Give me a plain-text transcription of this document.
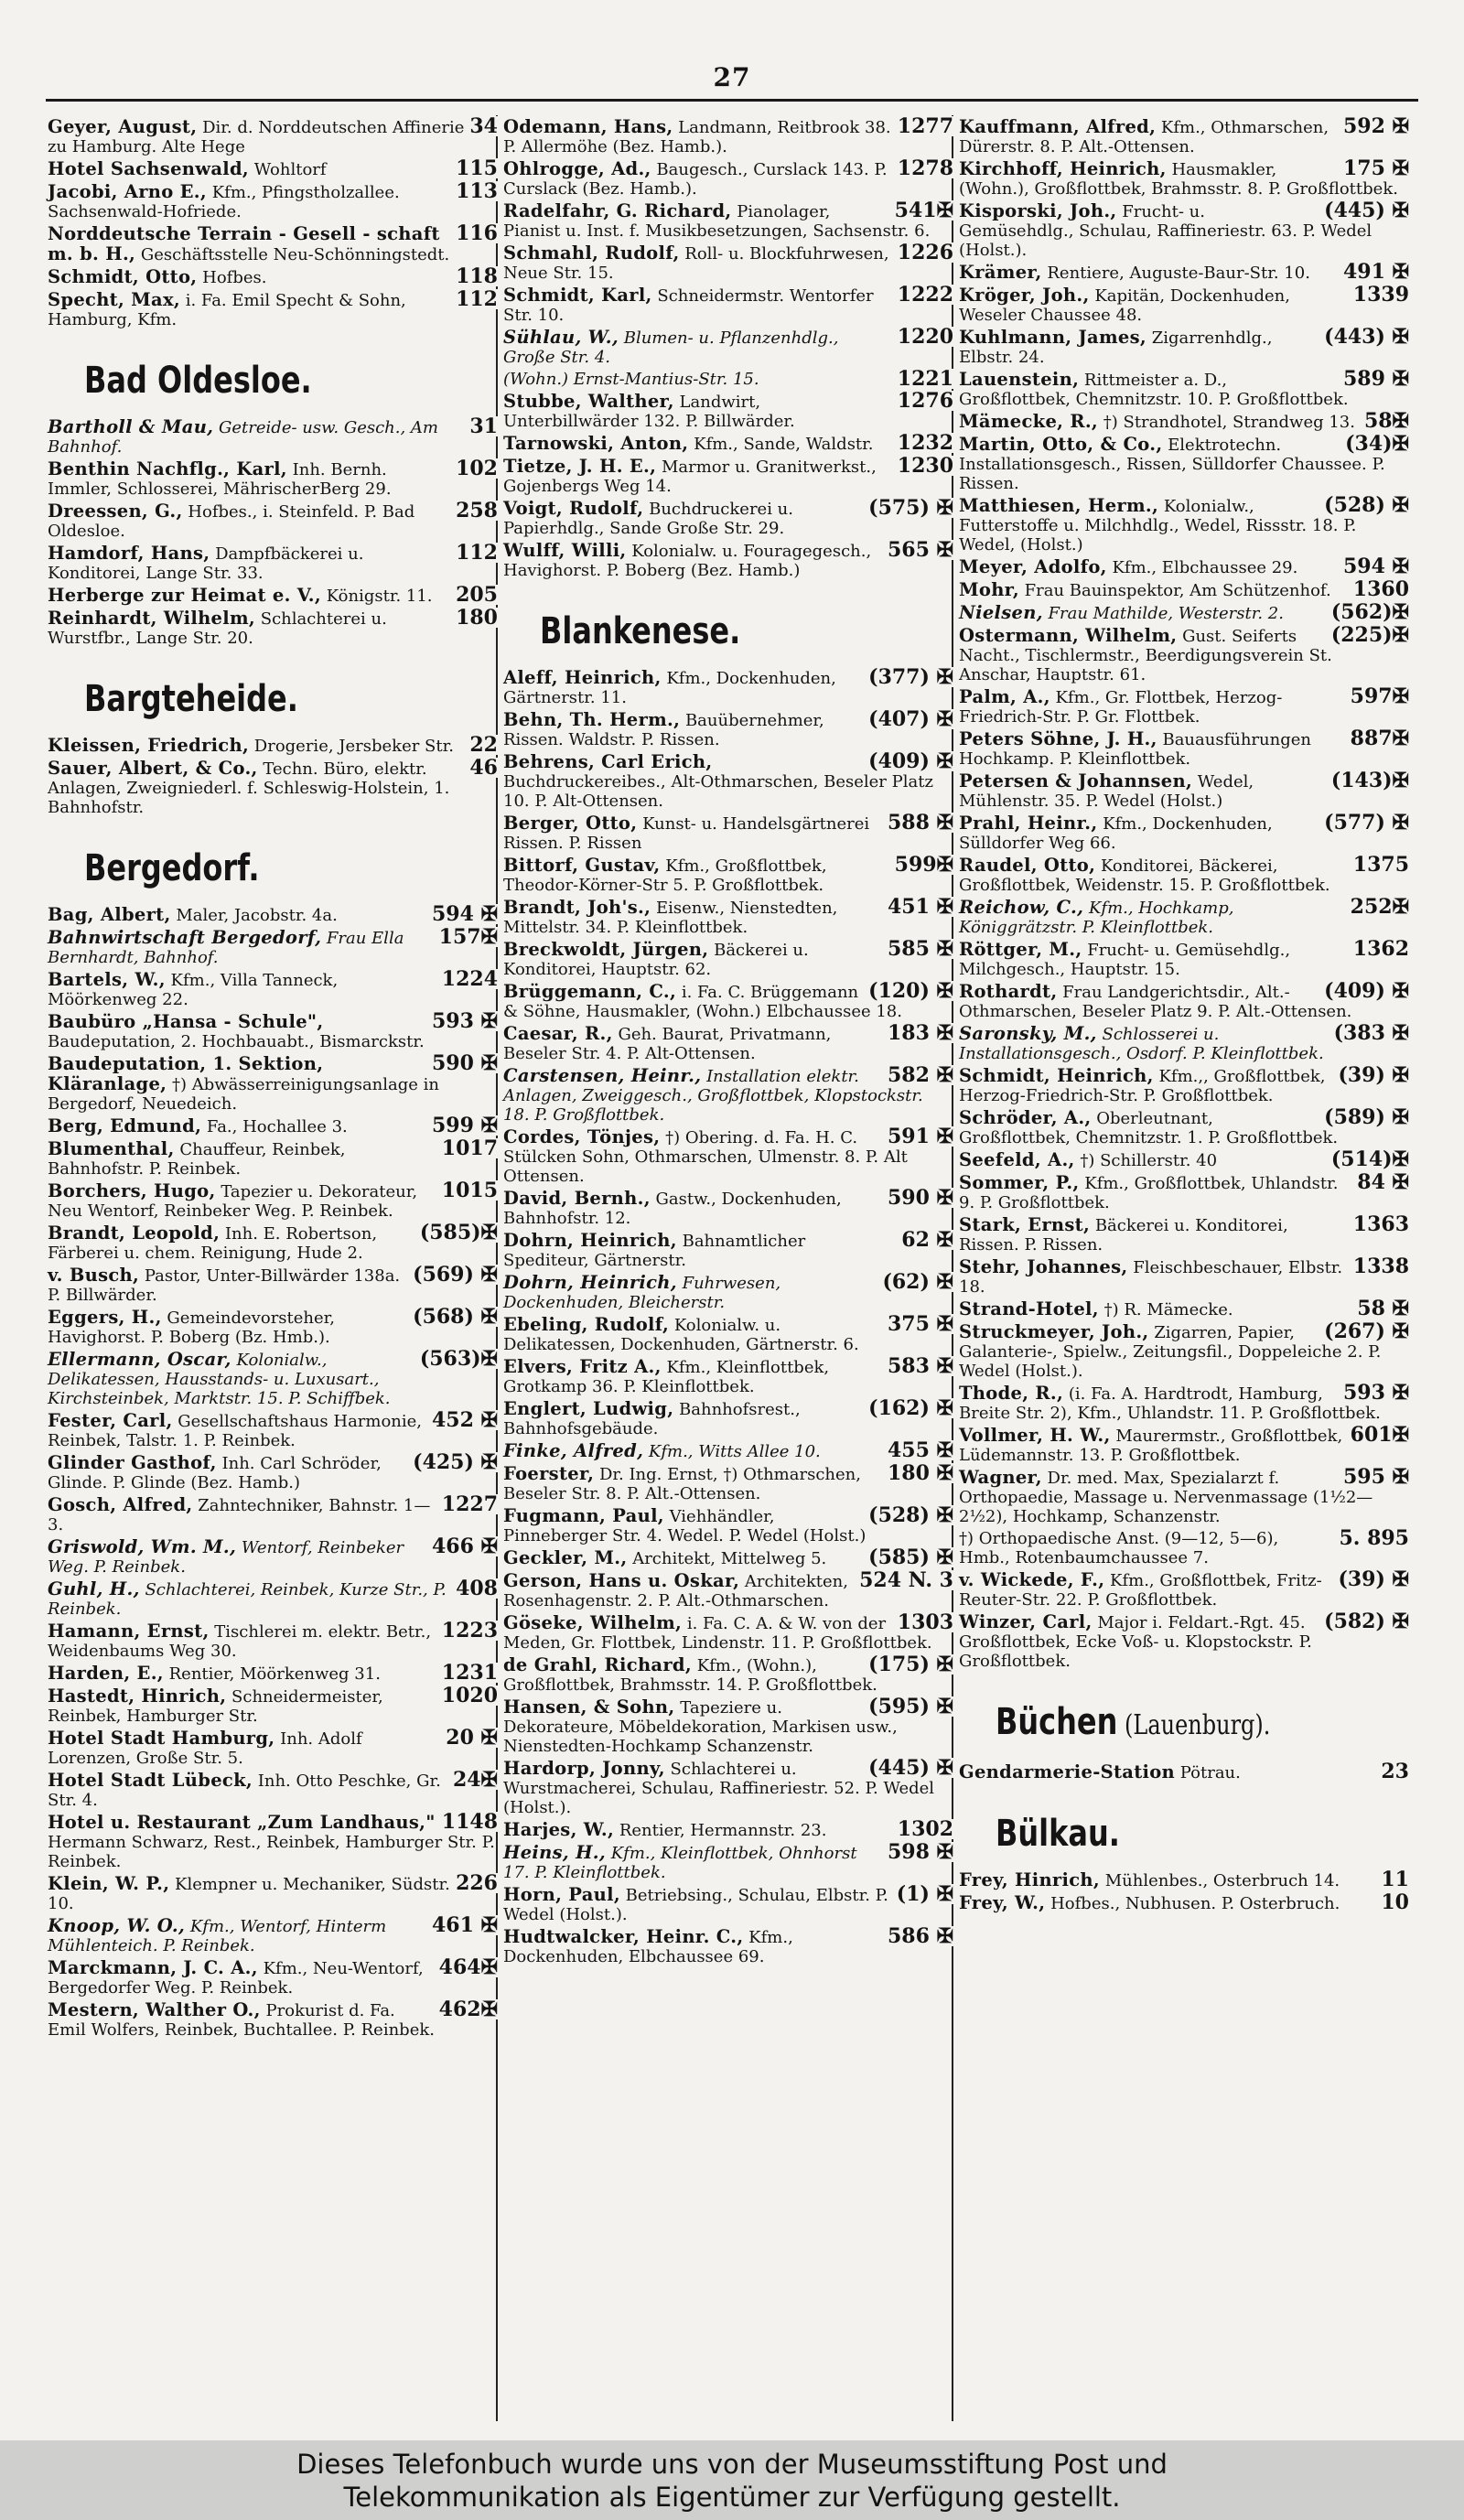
27
34
Geyer, August, Dir. d. Norddeutschen Affinerie zu Hamburg. Alte Hege
115
Hotel Sachsenwald, Wohltorf
113
Jacobi, Arno E., Kfm., Pfingstholzallee. Sachsenwald-Hofriede.
116
Norddeutsche Terrain - Gesell - schaft m. b. H., Geschäftsstelle Neu-Schönningstedt.
118
Schmidt, Otto, Hofbes.
112
Specht, Max, i. Fa. Emil Specht & Sohn, Hamburg, Kfm.
Bad Oldesloe.
31
Bartholl & Mau, Getreide- usw. Gesch., Am Bahnhof.
102
Benthin Nachflg., Karl, Inh. Bernh. Immler, Schlosserei, MährischerBerg 29.
258
Dreessen, G., Hofbes., i. Steinfeld. P. Bad Oldesloe.
112
Hamdorf, Hans, Dampfbäckerei u. Konditorei, Lange Str. 33.
205
Herberge zur Heimat e. V., Königstr. 11.
180
Reinhardt, Wilhelm, Schlachterei u. Wurstfbr., Lange Str. 20.
Bargteheide.
22
Kleissen, Friedrich, Drogerie, Jersbeker Str.
46
Sauer, Albert, & Co., Techn. Büro, elektr. Anlagen, Zweigniederl. f. Schleswig-Holstein, 1. Bahnhofstr.
Bergedorf.
594 ✠
Bag, Albert, Maler, Jacobstr. 4a.
157✠
Bahnwirtschaft Bergedorf, Frau Ella Bernhardt, Bahnhof.
1224
Bartels, W., Kfm., Villa Tanneck, Möörkenweg 22.
593 ✠
Baubüro „Hansa - Schule", Baudeputation, 2. Hochbauabt., Bismarckstr.
590 ✠
Baudeputation, 1. Sektion, Kläranlage, †) Abwässerreinigungsanlage in Bergedorf, Neuedeich.
599 ✠
Berg, Edmund, Fa., Hochallee 3.
1017
Blumenthal, Chauffeur, Reinbek, Bahnhofstr. P. Reinbek.
1015
Borchers, Hugo, Tapezier u. Dekorateur, Neu Wentorf, Reinbeker Weg. P. Reinbek.
(585)✠
Brandt, Leopold, Inh. E. Robertson, Färberei u. chem. Reinigung, Hude 2.
(569) ✠
v. Busch, Pastor, Unter-Billwärder 138a. P. Billwärder.
(568) ✠
Eggers, H., Gemeindevorsteher, Havighorst. P. Boberg (Bz. Hmb.).
(563)✠
Ellermann, Oscar, Kolonialw., Delikatessen, Hausstands- u. Luxusart., Kirchsteinbek, Marktstr. 15. P. Schiffbek.
452 ✠
Fester, Carl, Gesellschaftshaus Harmonie, Reinbek, Talstr. 1. P. Reinbek.
(425) ✠
Glinder Gasthof, Inh. Carl Schröder, Glinde. P. Glinde (Bez. Hamb.)
1227
Gosch, Alfred, Zahntechniker, Bahnstr. 1—3.
466 ✠
Griswold, Wm. M., Wentorf, Reinbeker Weg. P. Reinbek.
408
Guhl, H., Schlachterei, Reinbek, Kurze Str., P. Reinbek.
1223
Hamann, Ernst, Tischlerei m. elektr. Betr., Weidenbaums Weg 30.
1231
Harden, E., Rentier, Möörkenweg 31.
1020
Hastedt, Hinrich, Schneidermeister, Reinbek, Hamburger Str.
20 ✠
Hotel Stadt Hamburg, Inh. Adolf Lorenzen, Große Str. 5.
24✠
Hotel Stadt Lübeck, Inh. Otto Peschke, Gr. Str. 4.
1148
Hotel u. Restaurant „Zum Landhaus," Hermann Schwarz, Rest., Reinbek, Hamburger Str. P. Reinbek.
226
Klein, W. P., Klempner u. Mechaniker, Südstr. 10.
461 ✠
Knoop, W. O., Kfm., Wentorf, Hinterm Mühlenteich. P. Reinbek.
464✠
Marckmann, J. C. A., Kfm., Neu-Wentorf, Bergedorfer Weg. P. Reinbek.
462✠
Mestern, Walther O., Prokurist d. Fa. Emil Wolfers, Reinbek, Buchtallee. P. Reinbek.
1277
Odemann, Hans, Landmann, Reitbrook 38. P. Allermöhe (Bez. Hamb.).
1278
Ohlrogge, Ad., Baugesch., Curslack 143. P. Curslack (Bez. Hamb.).
541✠
Radelfahr, G. Richard, Pianolager, Pianist u. Inst. f. Musikbesetzungen, Sachsenstr. 6.
1226
Schmahl, Rudolf, Roll- u. Blockfuhrwesen, Neue Str. 15.
1222
Schmidt, Karl, Schneidermstr. Wentorfer Str. 10.
1220
Sühlau, W., Blumen- u. Pflanzenhdlg., Große Str. 4.
1221
(Wohn.) Ernst-Mantius-Str. 15.
1276
Stubbe, Walther, Landwirt, Unterbillwärder 132. P. Billwärder.
1232
Tarnowski, Anton, Kfm., Sande, Waldstr.
1230
Tietze, J. H. E., Marmor u. Granitwerkst., Gojenbergs Weg 14.
(575) ✠
Voigt, Rudolf, Buchdruckerei u. Papierhdlg., Sande Große Str. 29.
565 ✠
Wulff, Willi, Kolonialw. u. Fouragegesch., Havighorst. P. Boberg (Bez. Hamb.)
Blankenese.
(377) ✠
Aleff, Heinrich, Kfm., Dockenhuden, Gärtnerstr. 11.
(407) ✠
Behn, Th. Herm., Bauübernehmer, Rissen. Waldstr. P. Rissen.
(409) ✠
Behrens, Carl Erich, Buchdruckereibes., Alt-Othmarschen, Beseler Platz 10. P. Alt-Ottensen.
588 ✠
Berger, Otto, Kunst- u. Handelsgärtnerei Rissen. P. Rissen
599✠
Bittorf, Gustav, Kfm., Großflottbek, Theodor-Körner-Str 5. P. Großflottbek.
451 ✠
Brandt, Joh's., Eisenw., Nienstedten, Mittelstr. 34. P. Kleinflottbek.
585 ✠
Breckwoldt, Jürgen, Bäckerei u. Konditorei, Hauptstr. 62.
(120) ✠
Brüggemann, C., i. Fa. C. Brüggemann & Söhne, Hausmakler, (Wohn.) Elbchaussee 18.
183 ✠
Caesar, R., Geh. Baurat, Privatmann, Beseler Str. 4. P. Alt-Ottensen.
582 ✠
Carstensen, Heinr., Installation elektr. Anlagen, Zweiggesch., Großflottbek, Klopstockstr. 18. P. Großflottbek.
591 ✠
Cordes, Tönjes, †) Obering. d. Fa. H. C. Stülcken Sohn, Othmarschen, Ulmenstr. 8. P. Alt Ottensen.
590 ✠
David, Bernh., Gastw., Dockenhuden, Bahnhofstr. 12.
62 ✠
Dohrn, Heinrich, Bahnamtlicher Spediteur, Gärtnerstr.
(62) ✠
Dohrn, Heinrich, Fuhrwesen, Dockenhuden, Bleicherstr.
375 ✠
Ebeling, Rudolf, Kolonialw. u. Delikatessen, Dockenhuden, Gärtnerstr. 6.
583 ✠
Elvers, Fritz A., Kfm., Kleinflottbek, Grotkamp 36. P. Kleinflottbek.
(162) ✠
Englert, Ludwig, Bahnhofsrest., Bahnhofsgebäude.
455 ✠
Finke, Alfred, Kfm., Witts Allee 10.
180 ✠
Foerster, Dr. Ing. Ernst, †) Othmarschen, Beseler Str. 8. P. Alt.-Ottensen.
(528) ✠
Fugmann, Paul, Viehhändler, Pinneberger Str. 4. Wedel. P. Wedel (Holst.)
(585) ✠
Geckler, M., Architekt, Mittelweg 5.
524 N. 3
Gerson, Hans u. Oskar, Architekten, Rosenhagenstr. 2. P. Alt.-Othmarschen.
1303
Göseke, Wilhelm, i. Fa. C. A. & W. von der Meden, Gr. Flottbek, Lindenstr. 11. P. Großflottbek.
(175) ✠
de Grahl, Richard, Kfm., (Wohn.), Großflottbek, Brahmsstr. 14. P. Großflottbek.
(595) ✠
Hansen, & Sohn, Tapeziere u. Dekorateure, Möbeldekoration, Markisen usw., Nienstedten-Hochkamp Schanzenstr.
(445) ✠
Hardorp, Jonny, Schlachterei u. Wurstmacherei, Schulau, Raffineriestr. 52. P. Wedel (Holst.).
1302
Harjes, W., Rentier, Hermannstr. 23.
598 ✠
Heins, H., Kfm., Kleinflottbek, Ohnhorst 17. P. Kleinflottbek.
(1) ✠
Horn, Paul, Betriebsing., Schulau, Elbstr. P. Wedel (Holst.).
586 ✠
Hudtwalcker, Heinr. C., Kfm., Dockenhuden, Elbchaussee 69.
592 ✠
Kauffmann, Alfred, Kfm., Othmarschen, Dürerstr. 8. P. Alt.-Ottensen.
175 ✠
Kirchhoff, Heinrich, Hausmakler, (Wohn.), Großflottbek, Brahmsstr. 8. P. Großflottbek.
(445) ✠
Kisporski, Joh., Frucht- u. Gemüsehdlg., Schulau, Raffineriestr. 63. P. Wedel (Holst.).
491 ✠
Krämer, Rentiere, Auguste-Baur-Str. 10.
1339
Kröger, Joh., Kapitän, Dockenhuden, Weseler Chaussee 48.
(443) ✠
Kuhlmann, James, Zigarrenhdlg., Elbstr. 24.
589 ✠
Lauenstein, Rittmeister a. D., Großflottbek, Chemnitzstr. 10. P. Großflottbek.
58✠
Mämecke, R., †) Strandhotel, Strandweg 13.
(34)✠
Martin, Otto, & Co., Elektrotechn. Installationsgesch., Rissen, Sülldorfer Chaussee. P. Rissen.
(528) ✠
Matthiesen, Herm., Kolonialw., Futterstoffe u. Milchhdlg., Wedel, Rissstr. 18. P. Wedel, (Holst.)
594 ✠
Meyer, Adolfo, Kfm., Elbchaussee 29.
1360
Mohr, Frau Bauinspektor, Am Schützenhof.
(562)✠
Nielsen, Frau Mathilde, Westerstr. 2.
(225)✠
Ostermann, Wilhelm, Gust. Seiferts Nacht., Tischlermstr., Beerdigungsverein St. Anschar, Hauptstr. 61.
597✠
Palm, A., Kfm., Gr. Flottbek, Herzog-Friedrich-Str. P. Gr. Flottbek.
887✠
Peters Söhne, J. H., Bauausführungen Hochkamp. P. Kleinflottbek.
(143)✠
Petersen & Johannsen, Wedel, Mühlenstr. 35. P. Wedel (Holst.)
(577) ✠
Prahl, Heinr., Kfm., Dockenhuden, Sülldorfer Weg 66.
1375
Raudel, Otto, Konditorei, Bäckerei, Großflottbek, Weidenstr. 15. P. Großflottbek.
252✠
Reichow, C., Kfm., Hochkamp, Königgrätzstr. P. Kleinflottbek.
1362
Röttger, M., Frucht- u. Gemüsehdlg., Milchgesch., Hauptstr. 15.
(409) ✠
Rothardt, Frau Landgerichtsdir., Alt.-Othmarschen, Beseler Platz 9. P. Alt.-Ottensen.
(383 ✠
Saronsky, M., Schlosserei u. Installationsgesch., Osdorf. P. Kleinflottbek.
(39) ✠
Schmidt, Heinrich, Kfm.,, Großflottbek, Herzog-Friedrich-Str. P. Großflottbek.
(589) ✠
Schröder, A., Oberleutnant, Großflottbek, Chemnitzstr. 1. P. Großflottbek.
(514)✠
Seefeld, A., †) Schillerstr. 40
84 ✠
Sommer, P., Kfm., Großflottbek, Uhlandstr. 9. P. Großflottbek.
1363
Stark, Ernst, Bäckerei u. Konditorei, Rissen. P. Rissen.
1338
Stehr, Johannes, Fleischbeschauer, Elbstr. 18.
58 ✠
Strand-Hotel, †) R. Mämecke.
(267) ✠
Struckmeyer, Joh., Zigarren, Papier, Galanterie-, Spielw., Zeitungsfil., Doppeleiche 2. P. Wedel (Holst.).
593 ✠
Thode, R., (i. Fa. A. Hardtrodt, Hamburg, Breite Str. 2), Kfm., Uhlandstr. 11. P. Großflottbek.
601✠
Vollmer, H. W., Maurermstr., Großflottbek, Lüdemannstr. 13. P. Großflottbek.
595 ✠
Wagner, Dr. med. Max, Spezialarzt f. Orthopaedie, Massage u. Nervenmassage (1½2—2½2), Hochkamp, Schanzenstr.
5. 895
†) Orthopaedische Anst. (9—12, 5—6), Hmb., Rotenbaumchaussee 7.
(39) ✠
v. Wickede, F., Kfm., Großflottbek, Fritz-Reuter-Str. 22. P. Großflottbek.
(582) ✠
Winzer, Carl, Major i. Feldart.-Rgt. 45. Großflottbek, Ecke Voß- u. Klopstockstr. P. Großflottbek.
Büchen (Lauenburg).
23
Gendarmerie-Station Pötrau.
Bülkau.
11
Frey, Hinrich, Mühlenbes., Osterbruch 14.
10
Frey, W., Hofbes., Nubhusen. P. Osterbruch.
Dieses Telefonbuch wurde uns von der Museumsstiftung Post und
Telekommunikation als Eigentümer zur Verfügung gestellt.
